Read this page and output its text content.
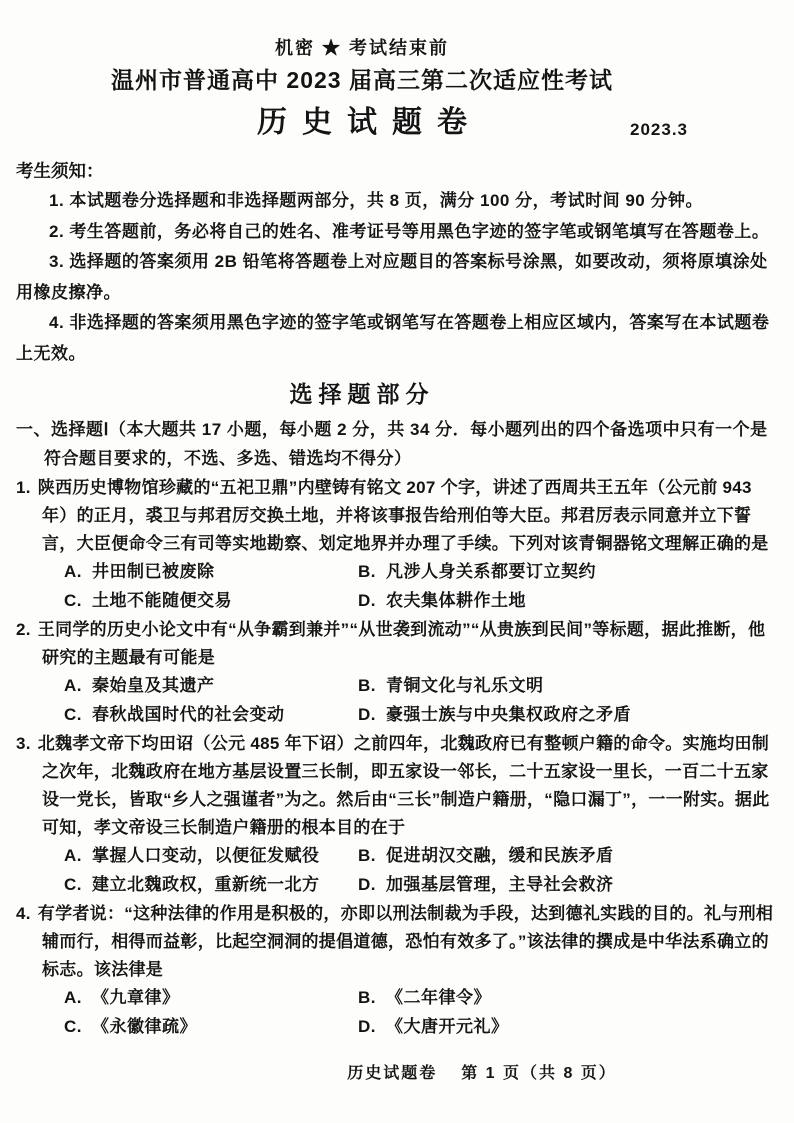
机密 ★ 考试结束前
温州市普通高中 2023 届高三第二次适应性考试
历史试题卷	2023.3
考生须知：
1. 本试题卷分选择题和非选择题两部分，共 8 页，满分 100 分，考试时间 90 分钟。
2. 考生答题前，务必将自己的姓名、准考证号等用黑色字迹的签字笔或钢笔填写在答题卷上。
3. 选择题的答案须用 2B 铅笔将答题卷上对应题目的答案标号涂黑，如要改动，须将原填涂处用橡皮擦净。
4. 非选择题的答案须用黑色字迹的签字笔或钢笔写在答题卷上相应区域内，答案写在本试题卷上无效。
选择题部分
一、选择题Ⅰ（本大题共 17 小题，每小题 2 分，共 34 分．每小题列出的四个备选项中只有一个是符合题目要求的，不选、多选、错选均不得分）
1. 陕西历史博物馆珍藏的“五祀卫鼎”内壁铸有铭文 207 个字，讲述了西周共王五年（公元前 943 年）的正月，裘卫与邦君厉交换土地，并将该事报告给刑伯等大臣。邦君厉表示同意并立下誓言，大臣便命令三有司等实地勘察、划定地界并办理了手续。下列对该青铜器铭文理解正确的是
A. 井田制已被废除	B. 凡涉人身关系都要订立契约
C. 土地不能随便交易	D. 农夫集体耕作土地
2. 王同学的历史小论文中有“从争霸到兼并”“从世袭到流动”“从贵族到民间”等标题，据此推断，他研究的主题最有可能是
A. 秦始皇及其遗产	B. 青铜文化与礼乐文明
C. 春秋战国时代的社会变动	D. 豪强士族与中央集权政府之矛盾
3. 北魏孝文帝下均田诏（公元 485 年下诏）之前四年，北魏政府已有整顿户籍的命令。实施均田制之次年，北魏政府在地方基层设置三长制，即五家设一邻长，二十五家设一里长，一百二十五家设一党长，皆取“乡人之强谨者”为之。然后由“三长”制造户籍册，“隐口漏丁”，一一附实。据此可知，孝文帝设三长制造户籍册的根本目的在于
A. 掌握人口变动，以便征发赋役	B. 促进胡汉交融，缓和民族矛盾
C. 建立北魏政权，重新统一北方	D. 加强基层管理，主导社会救济
4. 有学者说：“这种法律的作用是积极的，亦即以刑法制裁为手段，达到德礼实践的目的。礼与刑相辅而行，相得而益彰，比起空洞洞的提倡道德，恐怕有效多了。”该法律的撰成是中华法系确立的标志。该法律是
A. 《九章律》	B. 《二年律令》
C. 《永徽律疏》	D. 《大唐开元礼》
历史试题卷 第 1 页（共 8 页）
